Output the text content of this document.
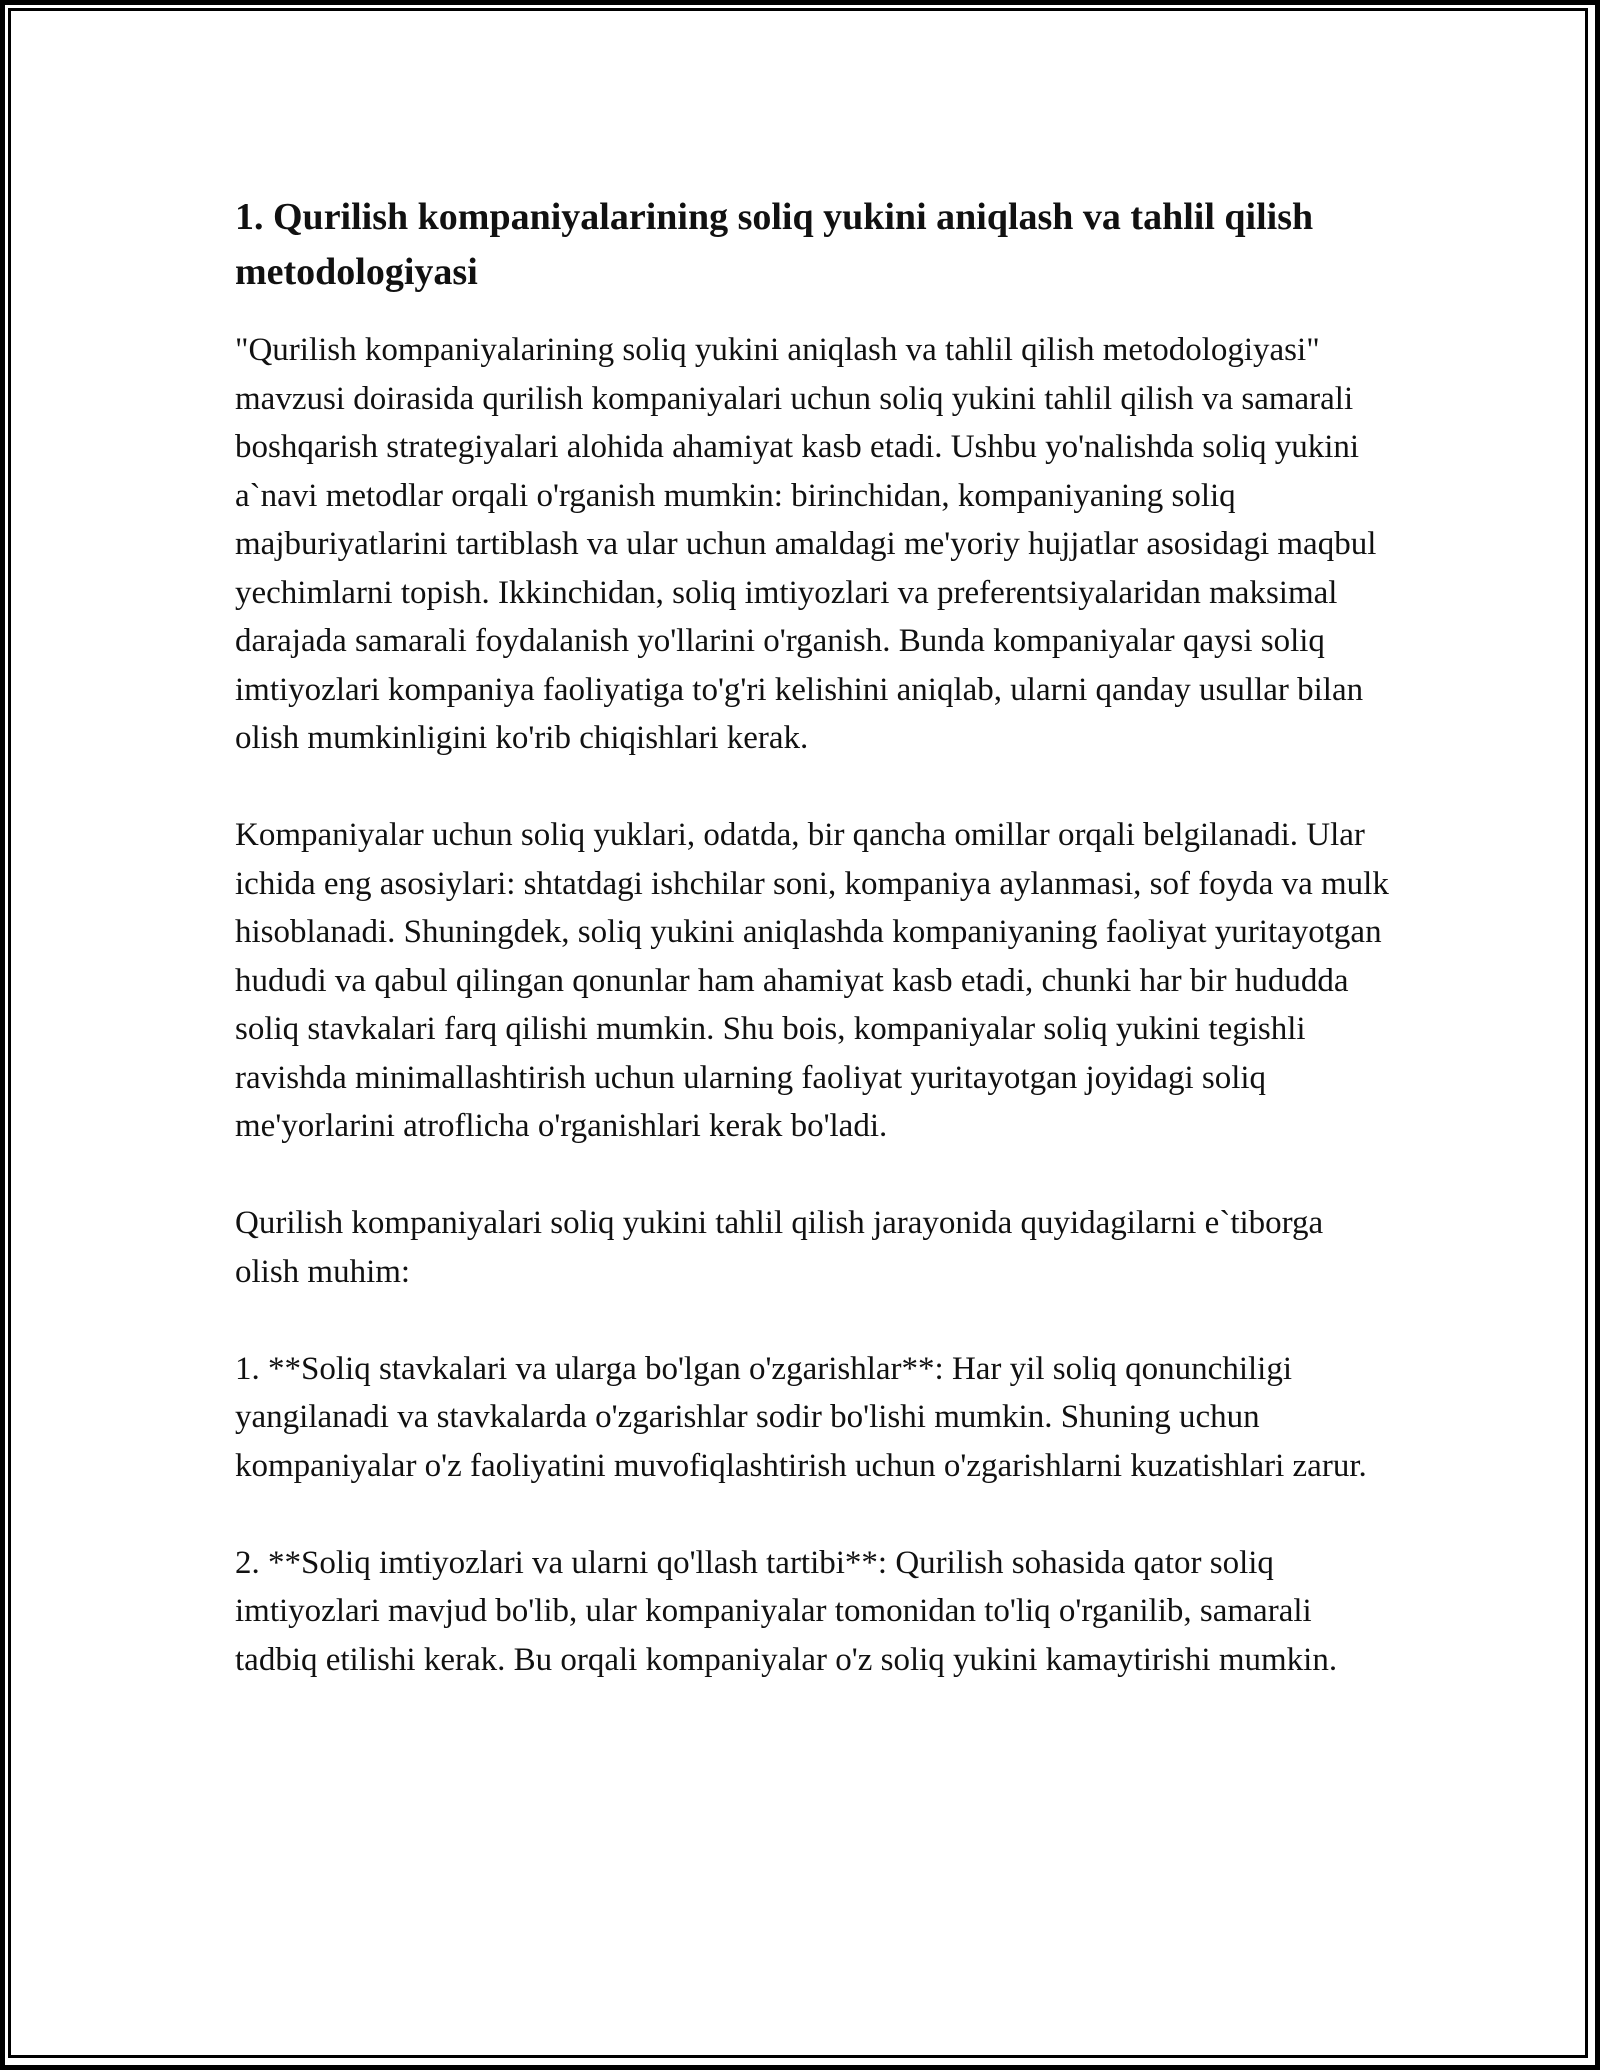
1. Qurilish kompaniyalarining soliq yukini aniqlash va tahlil qilish metodologiyasi

"Qurilish kompaniyalarining soliq yukini aniqlash va tahlil qilish metodologiyasi" mavzusi doirasida qurilish kompaniyalari uchun soliq yukini tahlil qilish va samarali boshqarish strategiyalari alohida ahamiyat kasb etadi. Ushbu yo'nalishda soliq yukini a`navi metodlar orqali o'rganish mumkin: birinchidan, kompaniyaning soliq majburiyatlarini tartiblash va ular uchun amaldagi me'yoriy hujjatlar asosidagi maqbul yechimlarni topish. Ikkinchidan, soliq imtiyozlari va preferentsiyalaridan maksimal darajada samarali foydalanish yo'llarini o'rganish. Bunda kompaniyalar qaysi soliq imtiyozlari kompaniya faoliyatiga to'g'ri kelishini aniqlab, ularni qanday usullar bilan olish mumkinligini ko'rib chiqishlari kerak.

Kompaniyalar uchun soliq yuklari, odatda, bir qancha omillar orqali belgilanadi. Ular ichida eng asosiylari: shtatdagi ishchilar soni, kompaniya aylanmasi, sof foyda va mulk hisoblanadi. Shuningdek, soliq yukini aniqlashda kompaniyaning faoliyat yuritayotgan hududi va qabul qilingan qonunlar ham ahamiyat kasb etadi, chunki har bir hududda soliq stavkalari farq qilishi mumkin. Shu bois, kompaniyalar soliq yukini tegishli ravishda minimallashtirish uchun ularning faoliyat yuritayotgan joyidagi soliq me'yorlarini atroflicha o'rganishlari kerak bo'ladi.

Qurilish kompaniyalari soliq yukini tahlil qilish jarayonida quyidagilarni e`tiborga olish muhim:

1. **Soliq stavkalari va ularga bo'lgan o'zgarishlar**: Har yil soliq qonunchiligi yangilanadi va stavkalarda o'zgarishlar sodir bo'lishi mumkin. Shuning uchun kompaniyalar o'z faoliyatini muvofiqlashtirish uchun o'zgarishlarni kuzatishlari zarur.

2. **Soliq imtiyozlari va ularni qo'llash tartibi**: Qurilish sohasida qator soliq imtiyozlari mavjud bo'lib, ular kompaniyalar tomonidan to'liq o'rganilib, samarali tadbiq etilishi kerak. Bu orqali kompaniyalar o'z soliq yukini kamaytirishi mumkin.
